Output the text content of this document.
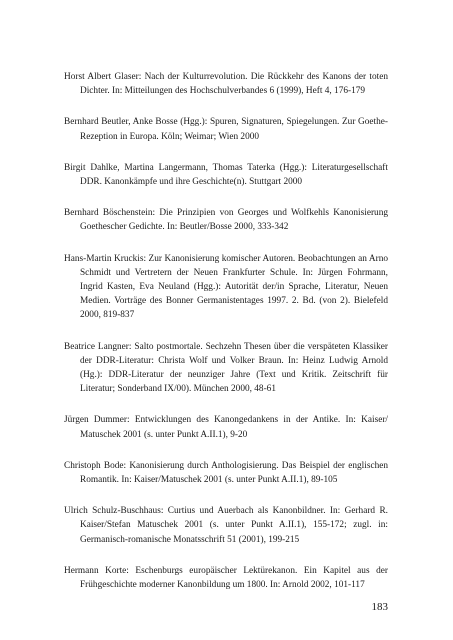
Horst Albert Glaser: Nach der Kulturrevolution. Die Rückkehr des Kanons der toten Dichter. In: Mitteilungen des Hochschulverbandes 6 (1999), Heft 4, 176-179

Bernhard Beutler, Anke Bosse (Hgg.): Spuren, Signaturen, Spiegelungen. Zur Goethe-Rezeption in Europa. Köln; Weimar; Wien 2000

Birgit Dahlke, Martina Langermann, Thomas Taterka (Hgg.): Literaturgesellschaft DDR. Kanonkämpfe und ihre Geschichte(n). Stuttgart 2000

Bernhard Böschenstein: Die Prinzipien von Georges und Wolfkehls Kanonisierung Goethescher Gedichte. In: Beutler/Bosse 2000, 333-342

Hans-Martin Kruckis: Zur Kanonisierung komischer Autoren. Beobachtungen an Arno Schmidt und Vertretern der Neuen Frankfurter Schule. In: Jürgen Fohrmann, Ingrid Kasten, Eva Neuland (Hgg.): Autorität der/in Sprache, Literatur, Neuen Medien. Vorträge des Bonner Germanistentages 1997. 2. Bd. (von 2). Bielefeld 2000, 819-837

Beatrice Langner: Salto postmortale. Sechzehn Thesen über die verspäteten Klassiker der DDR-Literatur: Christa Wolf und Volker Braun. In: Heinz Ludwig Arnold (Hg.): DDR-Literatur der neunziger Jahre (Text und Kritik. Zeitschrift für Literatur; Sonderband IX/00). München 2000, 48-61

Jürgen Dummer: Entwicklungen des Kanongedankens in der Antike. In: Kaiser/ Matuschek 2001 (s. unter Punkt A.II.1), 9-20

Christoph Bode: Kanonisierung durch Anthologisierung. Das Beispiel der englischen Romantik. In: Kaiser/Matuschek 2001 (s. unter Punkt A.II.1), 89-105

Ulrich Schulz-Buschhaus: Curtius und Auerbach als Kanonbildner. In: Gerhard R. Kaiser/Stefan Matuschek 2001 (s. unter Punkt A.II.1), 155-172; zugl. in: Germanisch-romanische Monatsschrift 51 (2001), 199-215

Hermann Korte: Eschenburgs europäischer Lektürekanon. Ein Kapitel aus der Frühgeschichte moderner Kanonbildung um 1800. In: Arnold 2002, 101-117

183
